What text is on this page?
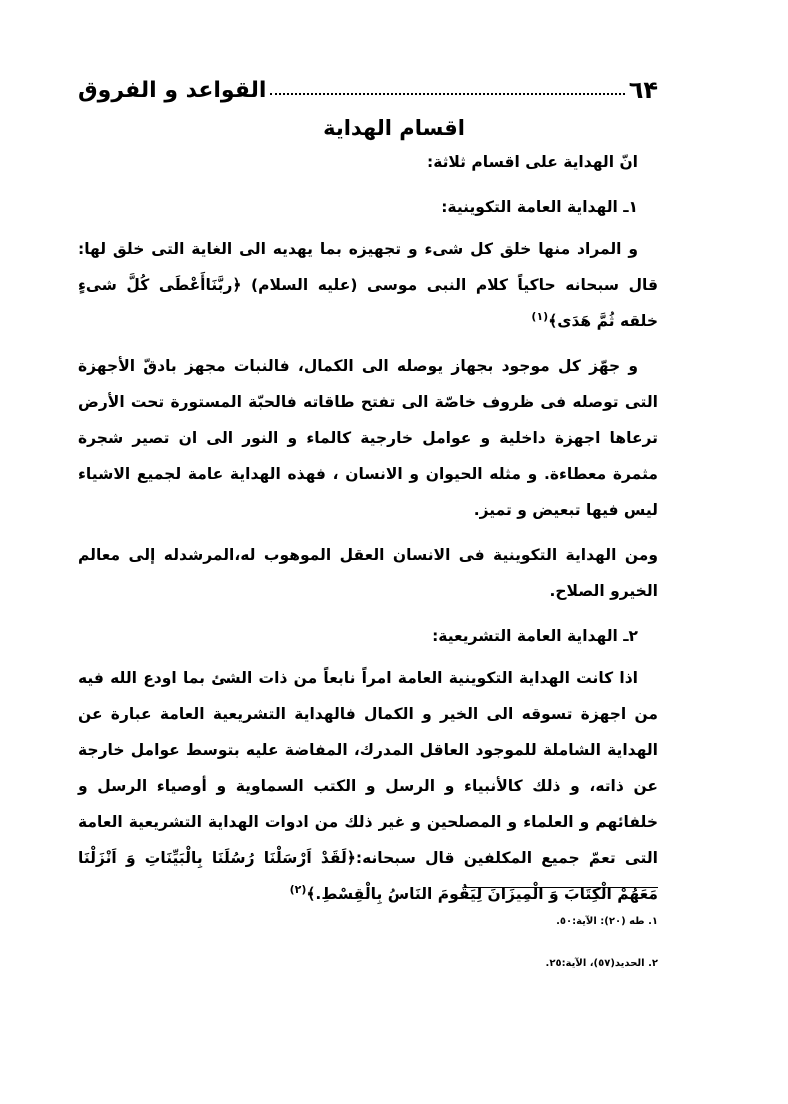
٦۴
القواعد و الفروق
اقسام الهداية

انّ الهداية على اقسام ثلاثة:

١ـ الهداية العامة التكوينية:

و المراد منها خلق كل شىء و تجهيزه بما يهديه الى الغاية التى خلق لها: قال سبحانه حاكياً كلام النبى موسى (عليه السلام) ﴿ربَّنَاأَعْطَى كُلَّ شىءٍ خلقه ثُمَّ هَدَى﴾$^{(١)}$

و جهّز كل موجود بجهاز يوصله الى الكمال، فالنبات مجهز بادقّ الأجهزة التى توصله فى ظروف خاصّة الى تفتح طاقاته فالحبّة المستورة تحت الأرض ترعاها اجهزة داخلية و عوامل خارجية كالماء و النور الى ان تصير شجرة مثمرة معطاءة. و مثله الحيوان و الانسان ، فهذه الهداية عامة لجميع الاشياء ليس فيها تبعيض و تميز.

ومن الهداية التكوينية فى الانسان العقل الموهوب له،المرشدله إلى معالم الخيرو الصلاح.

٢ـ الهداية العامة التشريعية:

اذا كانت الهداية التكوينية العامة امراً نابعاً من ذات الشئ بما اودع الله فيه من اجهزة تسوقه الى الخير و الكمال فالهداية التشريعية العامة عبارة عن الهداية الشاملة للموجود العاقل المدرك، المفاضة عليه بتوسط عوامل خارجة عن ذاته، و ذلك كالأنبياء و الرسل و الكتب السماوية و أوصياء الرسل و خلفائهم و العلماء و المصلحين و غير ذلك من ادوات الهداية التشريعية العامة التى تعمّ جميع المكلفين قال سبحانه:﴿لَقَدْ اَرْسَلْنَا رُسُلَنَا بِالْبَيِّنَاتِ وَ اَنْزَلْنَا مَعَهُمْ الْكِتَابَ وَ الْمِيزَانَ لِيَقُومَ النَاسُ بِالْقِسْطِ.﴾$^{(٢)}$

١. طه (٢٠): الآية:٥٠.
٢. الحديد(٥٧)، الآية:٢٥.
